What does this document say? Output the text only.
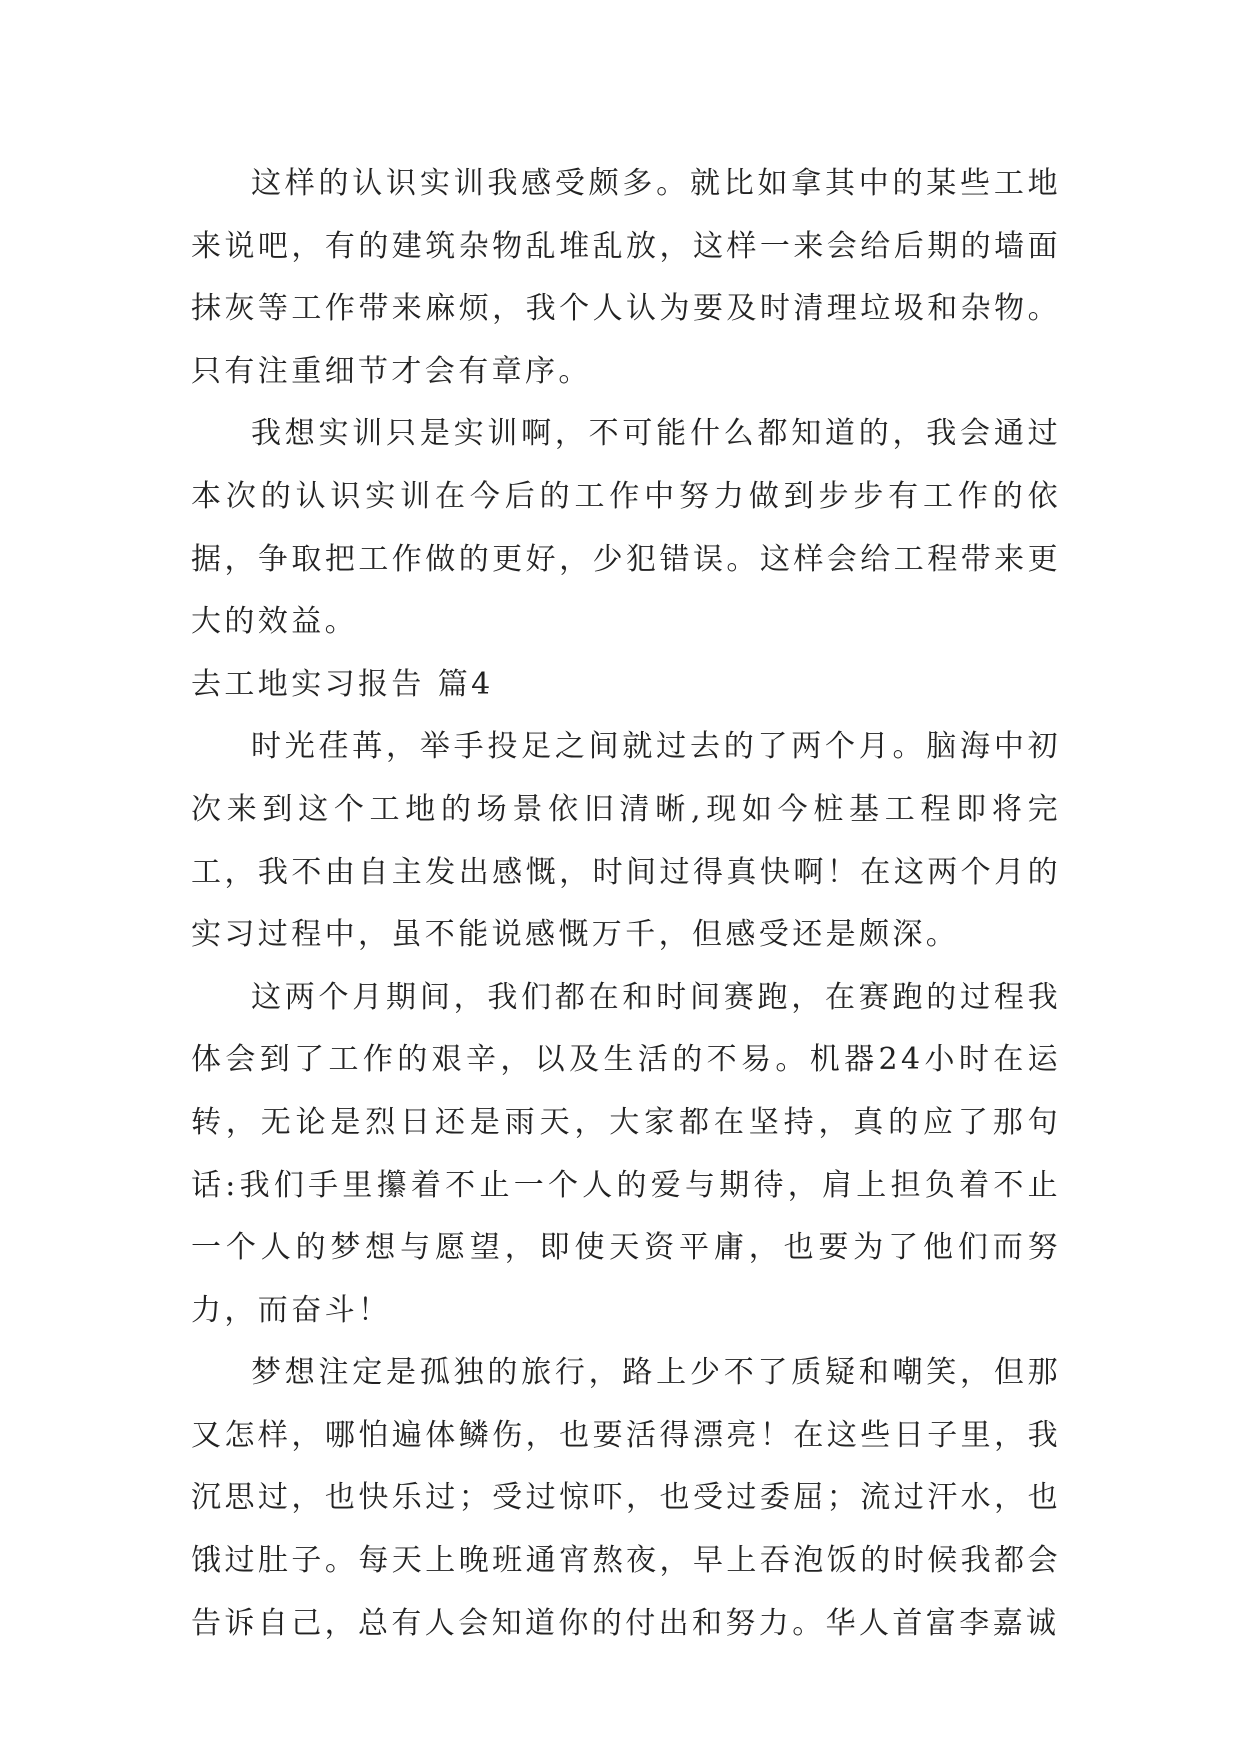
这样的认识实训我感受颇多。就比如拿其中的某些工地来说吧，有的建筑杂物乱堆乱放，这样一来会给后期的墙面抹灰等工作带来麻烦，我个人认为要及时清理垃圾和杂物。只有注重细节才会有章序。

我想实训只是实训啊，不可能什么都知道的，我会通过本次的认识实训在今后的工作中努力做到步步有工作的依据，争取把工作做的更好，少犯错误。这样会给工程带来更大的效益。

去工地实习报告 篇4

时光荏苒，举手投足之间就过去的了两个月。脑海中初次来到这个工地的场景依旧清晰,现如今桩基工程即将完工，我不由自主发出感慨，时间过得真快啊！在这两个月的实习过程中，虽不能说感慨万千，但感受还是颇深。

这两个月期间，我们都在和时间赛跑，在赛跑的过程我体会到了工作的艰辛，以及生活的不易。机器24小时在运转，无论是烈日还是雨天，大家都在坚持，真的应了那句话:我们手里攥着不止一个人的爱与期待，肩上担负着不止一个人的梦想与愿望，即使天资平庸，也要为了他们而努力，而奋斗！

梦想注定是孤独的旅行，路上少不了质疑和嘲笑，但那又怎样，哪怕遍体鳞伤，也要活得漂亮！在这些日子里，我沉思过，也快乐过；受过惊吓，也受过委屈；流过汗水，也饿过肚子。每天上晚班通宵熬夜，早上吞泡饭的时候我都会告诉自己，总有人会知道你的付出和努力。华人首富李嘉诚
